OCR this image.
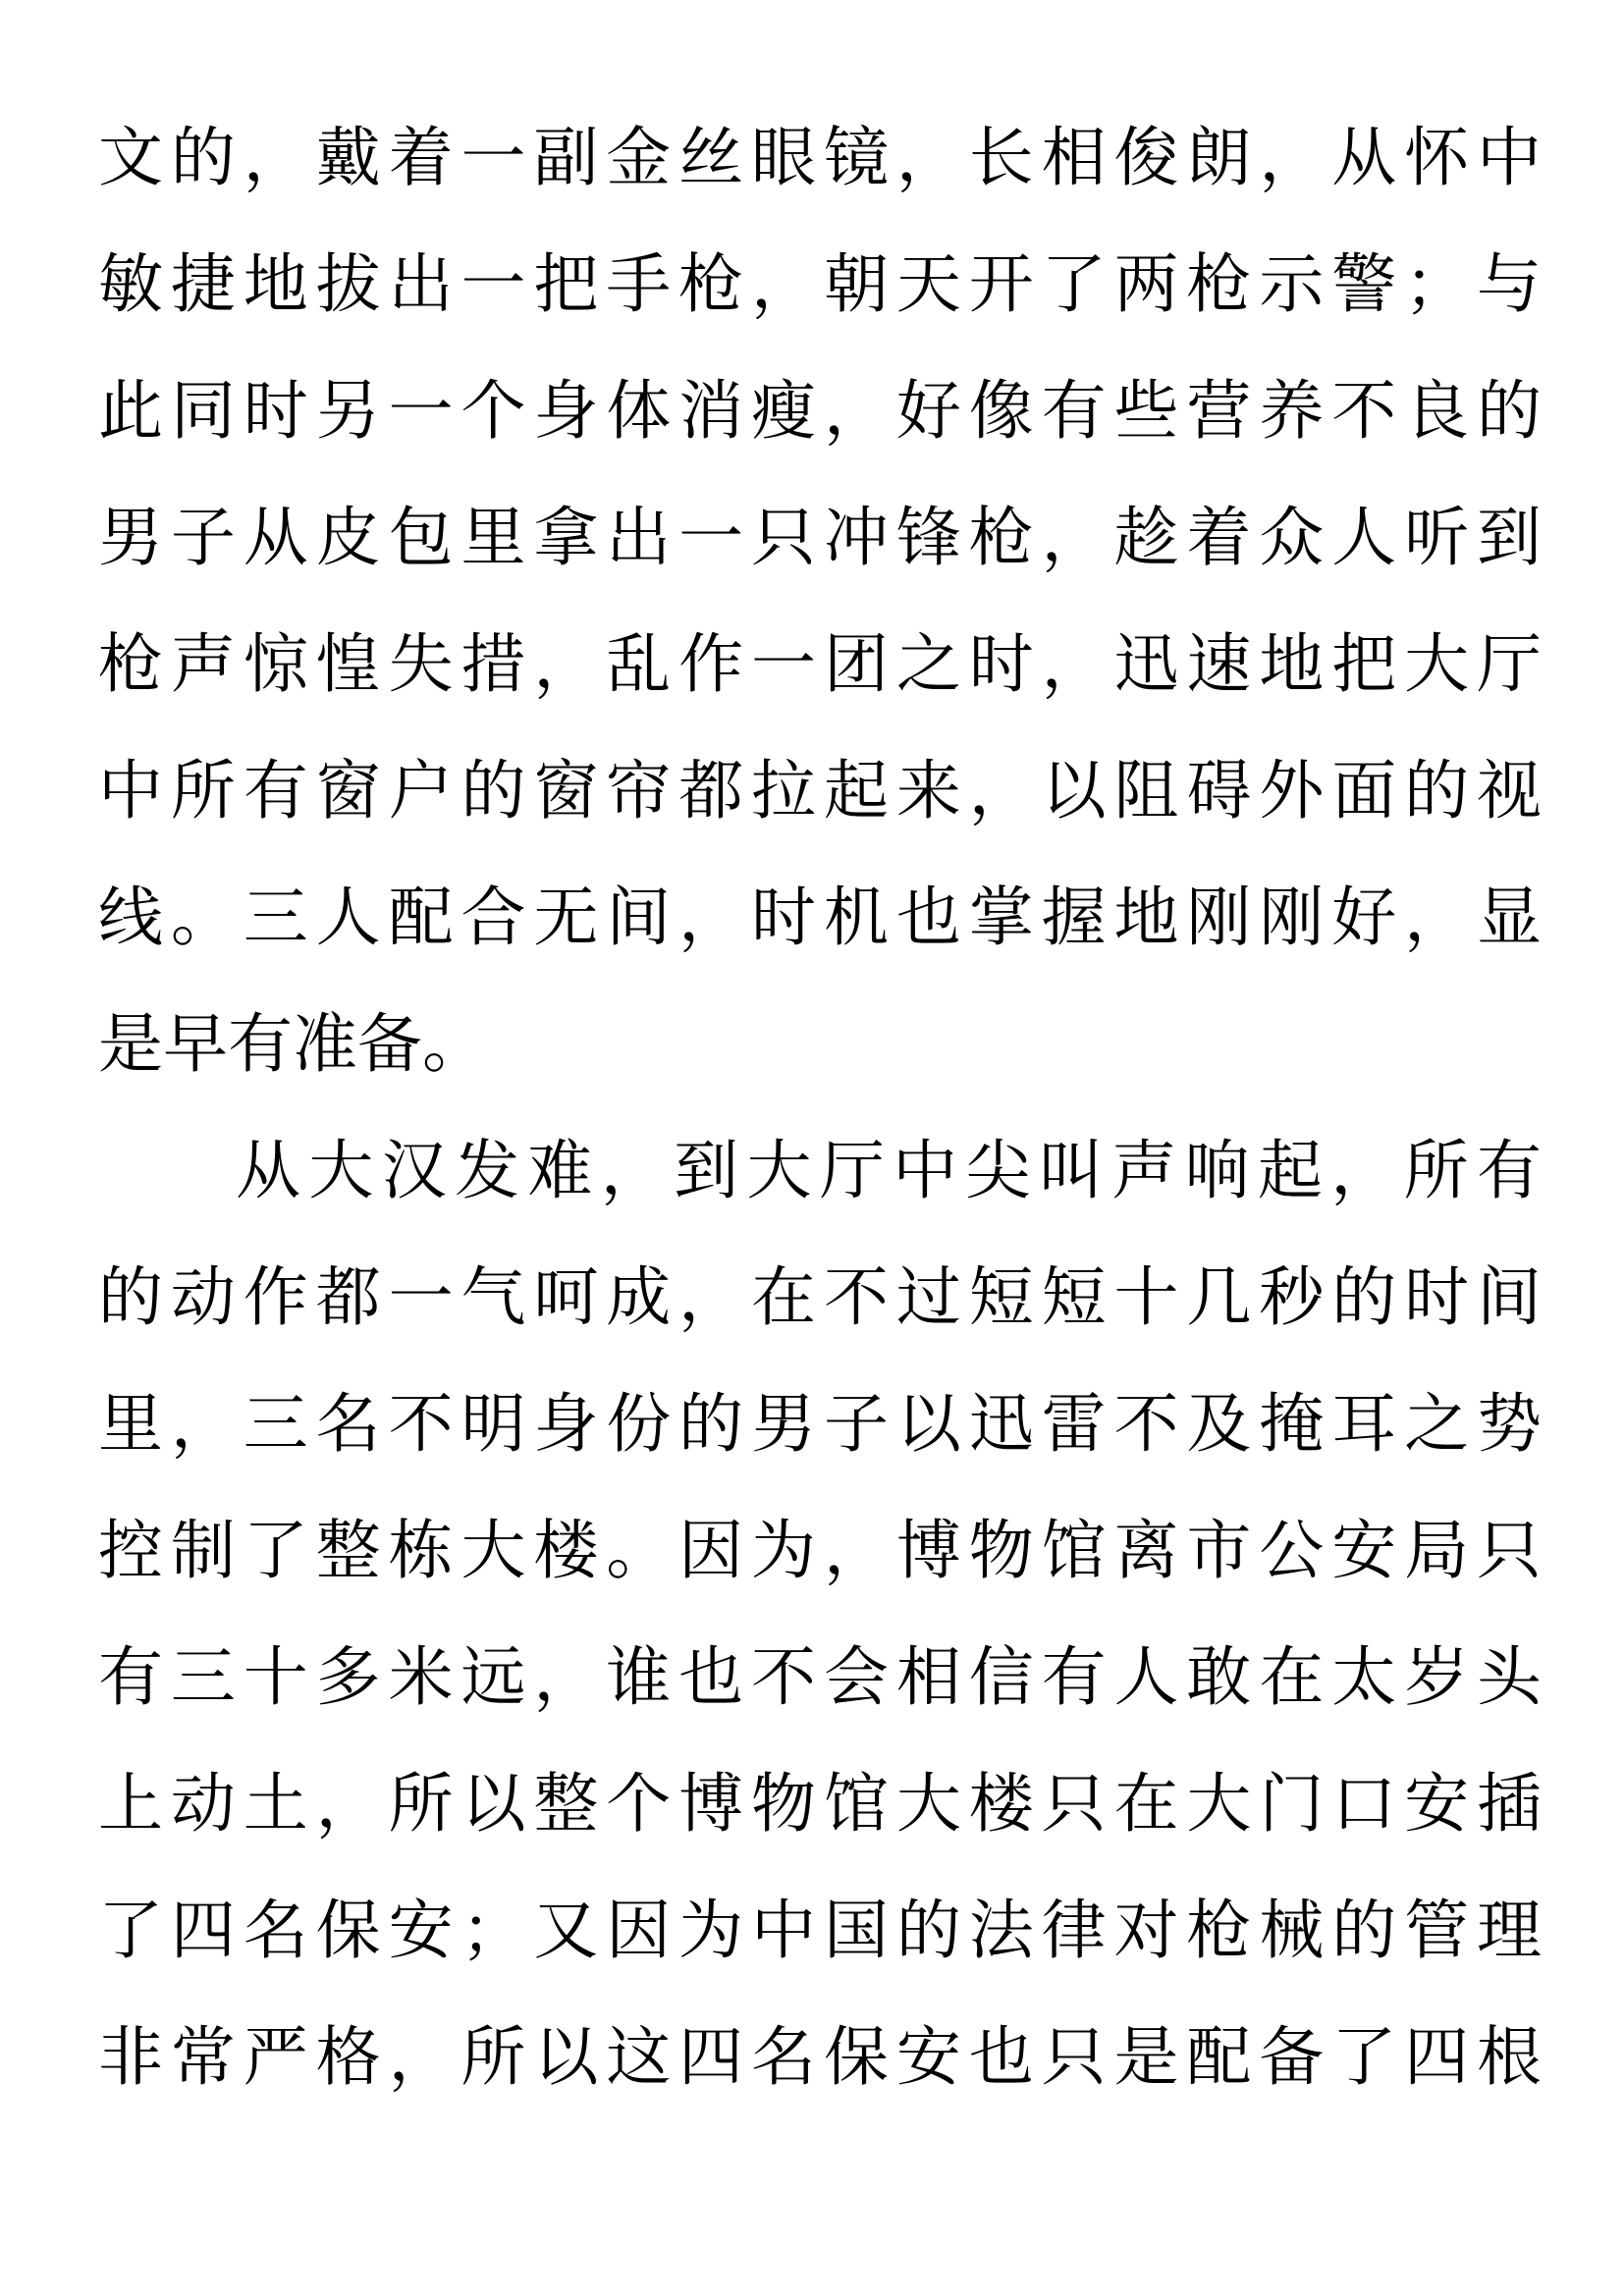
文的，戴着一副金丝眼镜，长相俊朗，从怀中

敏捷地拔出一把手枪，朝天开了两枪示警；与

此同时另一个身体消瘦，好像有些营养不良的

男子从皮包里拿出一只冲锋枪，趁着众人听到

枪声惊惶失措，乱作一团之时，迅速地把大厅

中所有窗户的窗帘都拉起来，以阻碍外面的视

线。三人配合无间，时机也掌握地刚刚好，显

是早有准备。

从大汉发难，到大厅中尖叫声响起，所有

的动作都一气呵成，在不过短短十几秒的时间

里，三名不明身份的男子以迅雷不及掩耳之势

控制了整栋大楼。因为，博物馆离市公安局只

有三十多米远，谁也不会相信有人敢在太岁头

上动土，所以整个博物馆大楼只在大门口安插

了四名保安；又因为中国的法律对枪械的管理

非常严格，所以这四名保安也只是配备了四根
